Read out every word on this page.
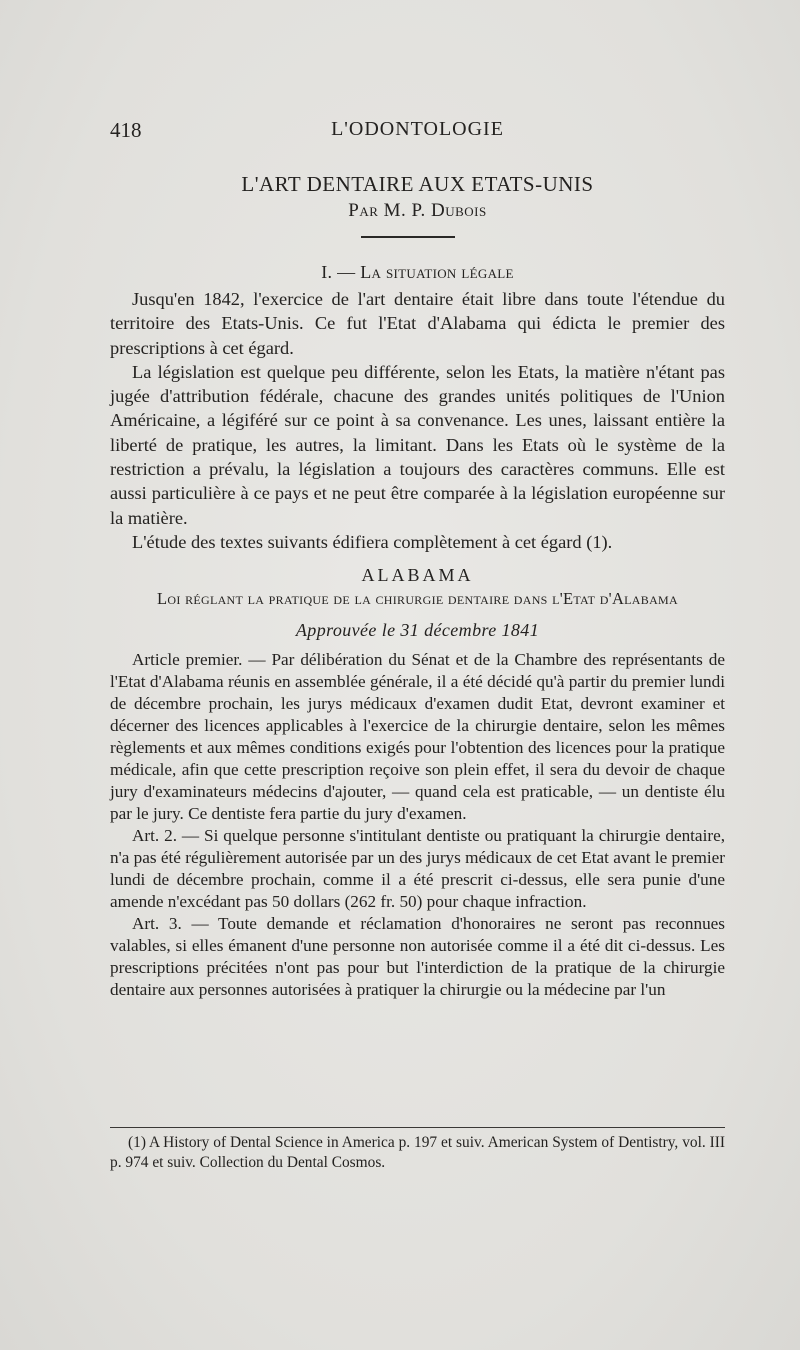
418	L'ODONTOLOGIE
L'ART DENTAIRE AUX ETATS-UNIS
Par M. P. Dubois
I. — La situation légale

Jusqu'en 1842, l'exercice de l'art dentaire était libre dans toute l'étendue du territoire des Etats-Unis. Ce fut l'Etat d'Alabama qui édicta le premier des prescriptions à cet égard.

La législation est quelque peu différente, selon les Etats, la matière n'étant pas jugée d'attribution fédérale, chacune des grandes unités politiques de l'Union Américaine, a légiféré sur ce point à sa convenance. Les unes, laissant entière la liberté de pratique, les autres, la limitant. Dans les Etats où le système de la restriction a prévalu, la législation a toujours des caractères communs. Elle est aussi particulière à ce pays et ne peut être comparée à la législation européenne sur la matière.

L'étude des textes suivants édifiera complètement à cet égard (1).

ALABAMA
Loi réglant la pratique de la chirurgie dentaire dans l'Etat d'Alabama
Approuvée le 31 décembre 1841

Article premier. — Par délibération du Sénat et de la Chambre des représentants de l'Etat d'Alabama réunis en assemblée générale, il a été décidé qu'à partir du premier lundi de décembre prochain, les jurys médicaux d'examen dudit Etat, devront examiner et décerner des licences applicables à l'exercice de la chirurgie dentaire, selon les mêmes règlements et aux mêmes conditions exigés pour l'obtention des licences pour la pratique médicale, afin que cette prescription reçoive son plein effet, il sera du devoir de chaque jury d'examinateurs médecins d'ajouter, — quand cela est praticable, — un dentiste élu par le jury. Ce dentiste fera partie du jury d'examen.

Art. 2. — Si quelque personne s'intitulant dentiste ou pratiquant la chirurgie dentaire, n'a pas été régulièrement autorisée par un des jurys médicaux de cet Etat avant le premier lundi de décembre prochain, comme il a été prescrit ci-dessus, elle sera punie d'une amende n'excédant pas 50 dollars (262 fr. 50) pour chaque infraction.

Art. 3. — Toute demande et réclamation d'honoraires ne seront pas reconnues valables, si elles émanent d'une personne non autorisée comme il a été dit ci-dessus. Les prescriptions précitées n'ont pas pour but l'interdiction de la pratique de la chirurgie dentaire aux personnes autorisées à pratiquer la chirurgie ou la médecine par l'un

(1) A History of Dental Science in America p. 197 et suiv. American System of Dentistry, vol. III p. 974 et suiv. Collection du Dental Cosmos.
